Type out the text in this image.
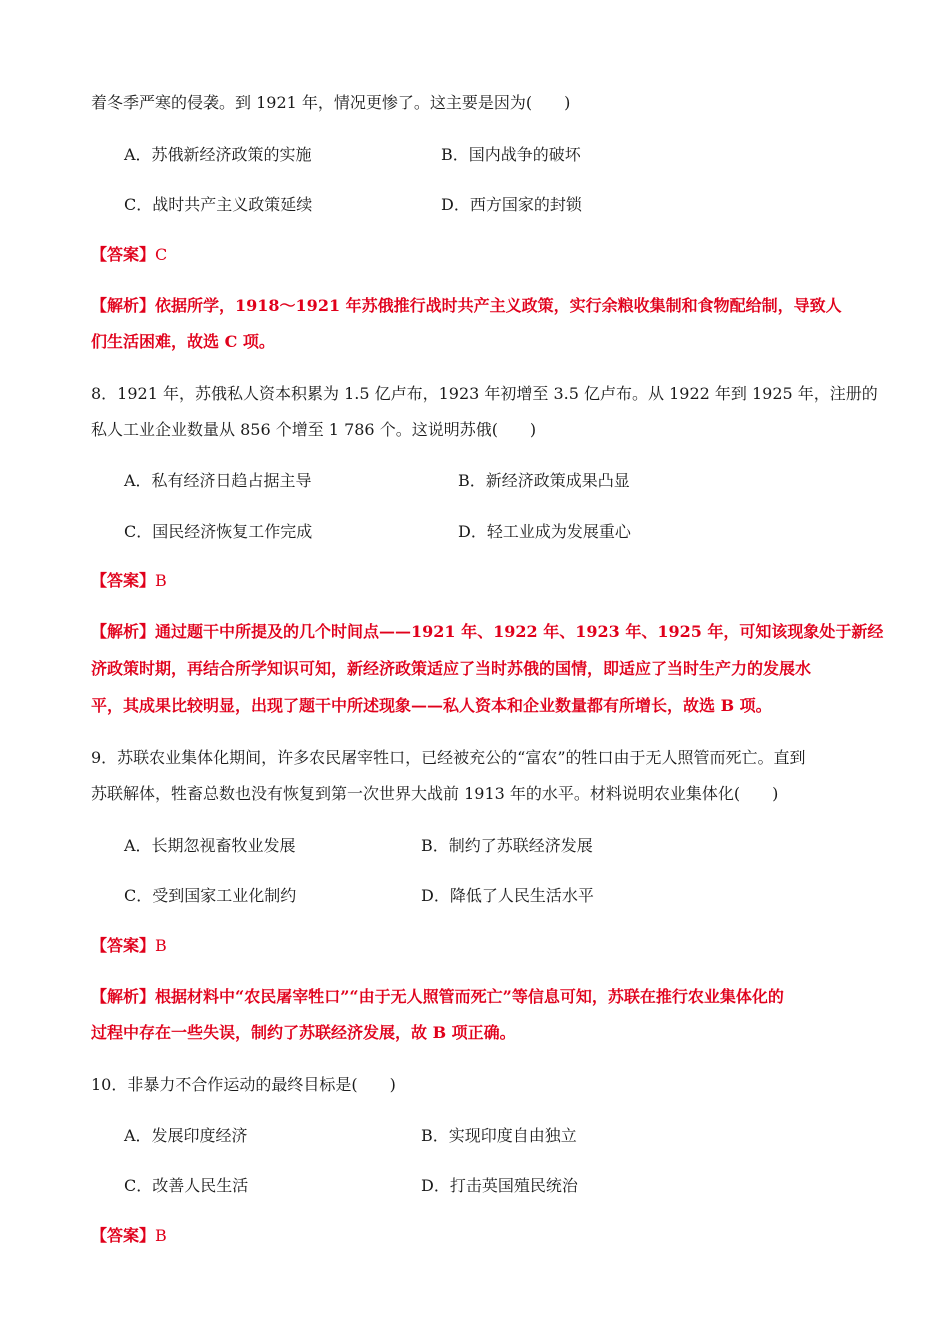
着冬季严寒的侵袭。到 1921 年，情况更惨了。这主要是因为(　　)
A．苏俄新经济政策的实施	B．国内战争的破坏
C．战时共产主义政策延续	D．西方国家的封锁
【答案】C
【解析】依据所学，1918～1921 年苏俄推行战时共产主义政策，实行余粮收集制和食物配给制，导致人
们生活困难，故选 C 项。
8．1921 年，苏俄私人资本积累为 1.5 亿卢布，1923 年初增至 3.5 亿卢布。从 1922 年到 1925 年，注册的
私人工业企业数量从 856 个增至 1 786 个。这说明苏俄(　　)
A．私有经济日趋占据主导	B．新经济政策成果凸显
C．国民经济恢复工作完成	D．轻工业成为发展重心
【答案】B
【解析】通过题干中所提及的几个时间点——1921 年、1922 年、1923 年、1925 年，可知该现象处于新经
济政策时期，再结合所学知识可知，新经济政策适应了当时苏俄的国情，即适应了当时生产力的发展水
平，其成果比较明显，出现了题干中所述现象——私人资本和企业数量都有所增长，故选 B 项。
9．苏联农业集体化期间，许多农民屠宰牲口，已经被充公的“富农”的牲口由于无人照管而死亡。直到
苏联解体，牲畜总数也没有恢复到第一次世界大战前 1913 年的水平。材料说明农业集体化(　　)
A．长期忽视畜牧业发展	B．制约了苏联经济发展
C．受到国家工业化制约	D．降低了人民生活水平
【答案】B
【解析】根据材料中“农民屠宰牲口”“由于无人照管而死亡”等信息可知，苏联在推行农业集体化的
过程中存在一些失误，制约了苏联经济发展，故 B 项正确。
10．非暴力不合作运动的最终目标是(　　)
A．发展印度经济	B．实现印度自由独立
C．改善人民生活	D．打击英国殖民统治
【答案】B
